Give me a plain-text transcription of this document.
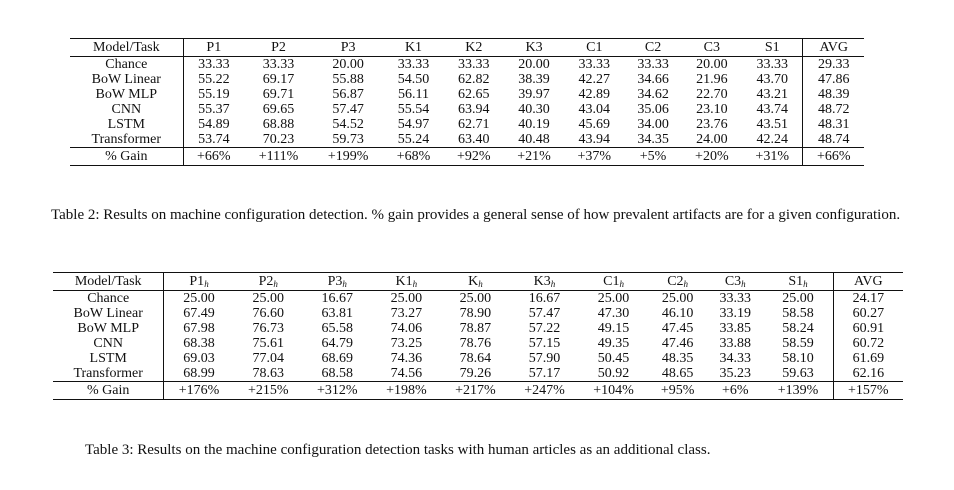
Model/Task	P1	P2	P3	K1	K2	K3	C1	C2	C3	S1	AVG
Chance	33.33	33.33	20.00	33.33	33.33	20.00	33.33	33.33	20.00	33.33	29.33
BoW Linear	55.22	69.17	55.88	54.50	62.82	38.39	42.27	34.66	21.96	43.70	47.86
BoW MLP	55.19	69.71	56.87	56.11	62.65	39.97	42.89	34.62	22.70	43.21	48.39
CNN	55.37	69.65	57.47	55.54	63.94	40.30	43.04	35.06	23.10	43.74	48.72
LSTM	54.89	68.88	54.52	54.97	62.71	40.19	45.69	34.00	23.76	43.51	48.31
Transformer	53.74	70.23	59.73	55.24	63.40	40.48	43.94	34.35	24.00	42.24	48.74
% Gain	+66%	+111%	+199%	+68%	+92%	+21%	+37%	+5%	+20%	+31%	+66%
Table 2: Results on machine configuration detection. % gain provides a general sense of how prevalent artifacts are for a given configuration.
Model/Task	$P1_h$	$P2_h$	$P3_h$	$K1_h$	$K_h$	$K3_h$	$C1_h$	$C2_h$	$C3_h$	$S1_h$	AVG
Chance	25.00	25.00	16.67	25.00	25.00	16.67	25.00	25.00	33.33	25.00	24.17
BoW Linear	67.49	76.60	63.81	73.27	78.90	57.47	47.30	46.10	33.19	58.58	60.27
BoW MLP	67.98	76.73	65.58	74.06	78.87	57.22	49.15	47.45	33.85	58.24	60.91
CNN	68.38	75.61	64.79	73.25	78.76	57.15	49.35	47.46	33.88	58.59	60.72
LSTM	69.03	77.04	68.69	74.36	78.64	57.90	50.45	48.35	34.33	58.10	61.69
Transformer	68.99	78.63	68.58	74.56	79.26	57.17	50.92	48.65	35.23	59.63	62.16
% Gain	+176%	+215%	+312%	+198%	+217%	+247%	+104%	+95%	+6%	+139%	+157%
Table 3: Results on the machine configuration detection tasks with human articles as an additional class.
